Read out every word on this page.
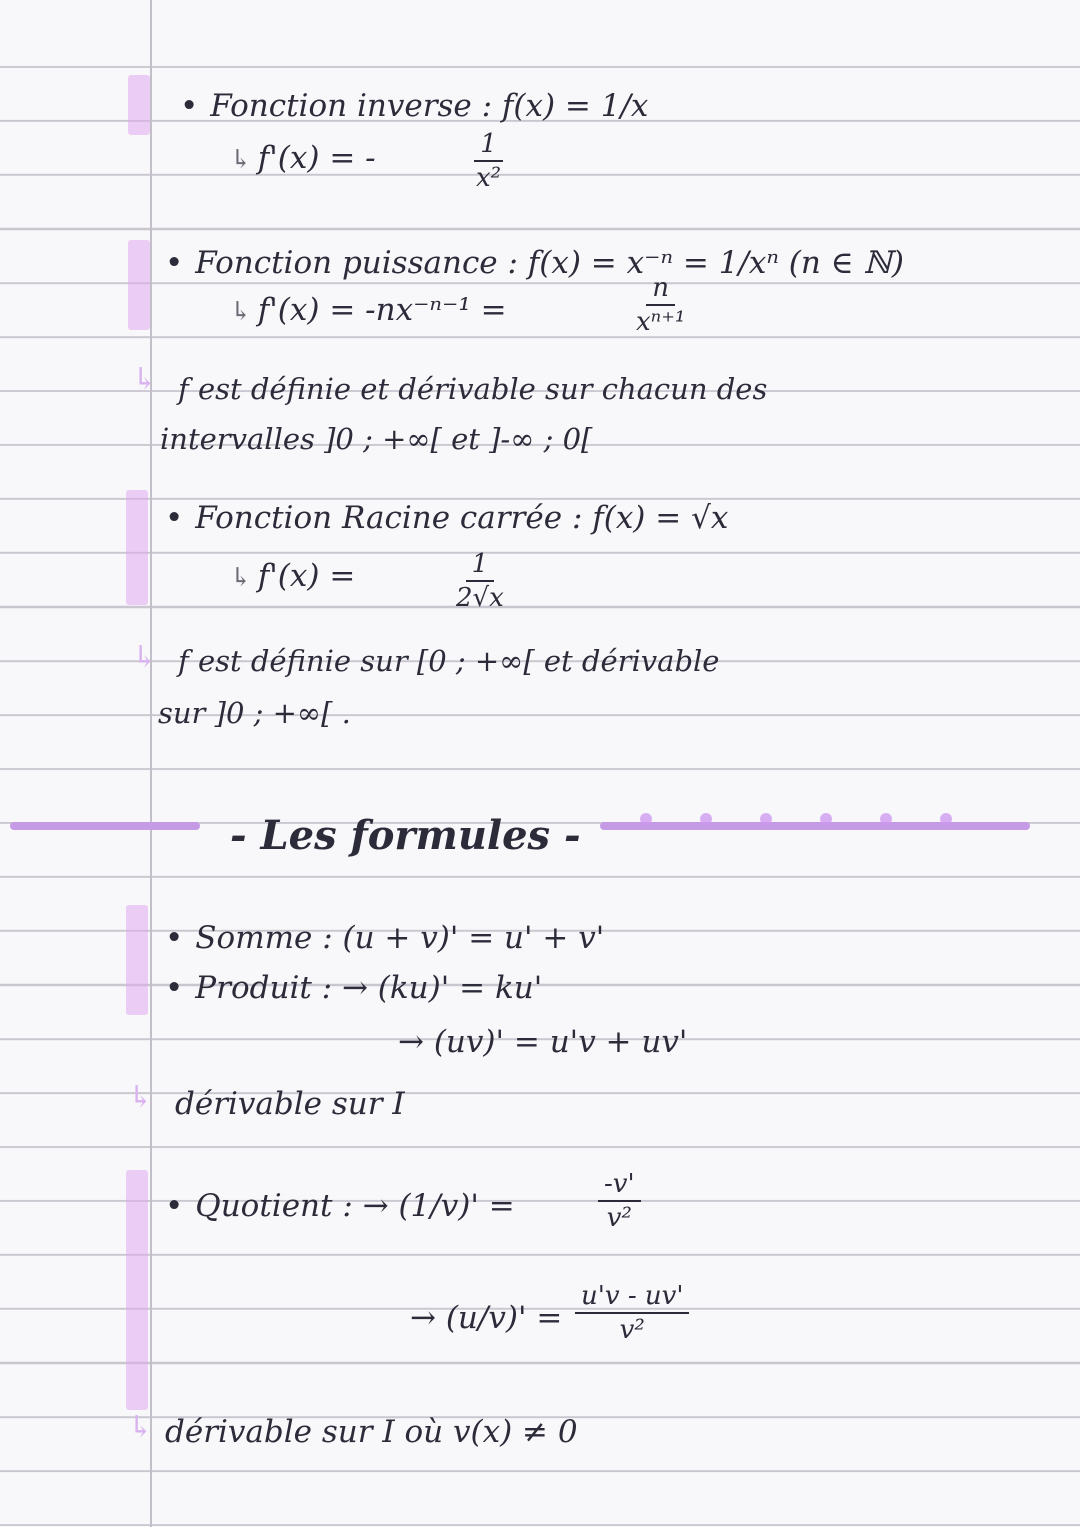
↳
↳
↳
↳
• Fonction inverse : f(x) = 1/x
↳ f'(x) = -	$\frac{1}{\text{x²}}$
• Fonction puissance : f(x) = x⁻ⁿ = 1/xⁿ (n ∈ ℕ)
↳ f'(x) = -nx⁻ⁿ⁻¹ =	$\frac{n}{\text{xⁿ⁺¹}}$
f est définie et dérivable sur chacun des
intervalles ]0 ; +∞[ et ]-∞ ; 0[
• Fonction Racine carrée : f(x) = √x
↳ f'(x) =	$\frac{1}{2√x}$
f est définie sur [0 ; +∞[ et dérivable
sur ]0 ; +∞[ .
- Les formules -
• Somme : (u + v)' = u' + v'
• Produit : → (ku)' = ku'
→ (uv)' = u'v + uv'
dérivable sur I
• Quotient : → (1/v)' =	$\frac{-v'}{\text{v²}}$
→ $(u/v)' = \frac{u'v - uv'}{\text{v²}}$
dérivable sur I où v(x) ≠ 0
